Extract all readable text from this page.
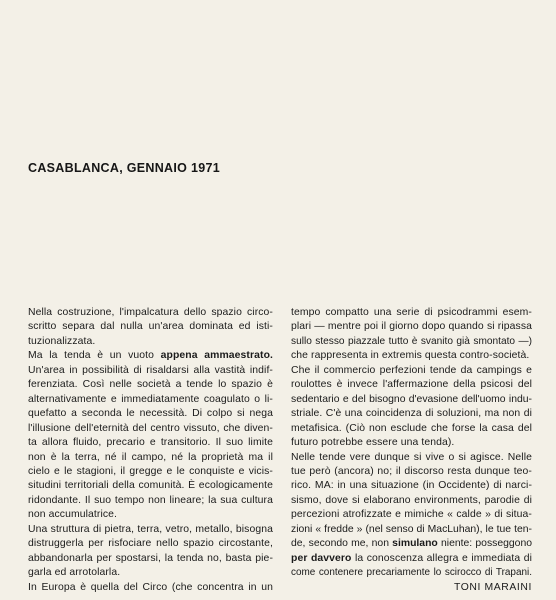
CASABLANCA, GENNAIO 1971
Nella costruzione, l'impalcatura dello spazio circo-
scritto separa dal nulla un'area dominata ed isti-
tuzionalizzata.
Ma la tenda è un vuoto appena ammaestrato.
Un'area in possibilità di risaldarsi alla vastità indif-
ferenziata. Così nelle società a tende lo spazio è
alternativamente e immediatamente coagulato o li-
quefatto a seconda le necessità. Di colpo si nega
l'illusione dell'eternità del centro vissuto, che diven-
ta allora fluido, precario e transitorio. Il suo limite
non è la terra, né il campo, né la proprietà ma il
cielo e le stagioni, il gregge e le conquiste e vicis-
situdini territoriali della comunità. È ecologicamente
ridondante. Il suo tempo non lineare; la sua cultura
non accumulatrice.
Una struttura di pietra, terra, vetro, metallo, bisogna
distruggerla per risfociare nello spazio circostante,
abbandonarla per spostarsi, la tenda no, basta pie-
garla ed arrotolarla.
In Europa è quella del Circo (che concentra in un
tempo compatto una serie di psicodrammi esem-
plari — mentre poi il giorno dopo quando si ripassa
sullo stesso piazzale tutto è svanito già smontato —)
che rappresenta in extremis questa contro-società.
Che il commercio perfezioni tende da campings e
roulottes è invece l'affermazione della psicosi del
sedentario e del bisogno d'evasione dell'uomo indu-
striale. C'è una coincidenza di soluzioni, ma non di
metafisica. (Ciò non esclude che forse la casa del
futuro potrebbe essere una tenda).
Nelle tende vere dunque si vive o si agisce. Nelle
tue però (ancora) no; il discorso resta dunque teo-
rico. MA: in una situazione (in Occidente) di narci-
sismo, dove si elaborano environments, parodie di
percezioni atrofizzate e mimiche « calde » di situa-
zioni « fredde » (nel senso di MacLuhan), le tue ten-
de, secondo me, non simulano niente: posseggono
per davvero la conoscenza allegra e immediata di
come contenere precariamente lo scirocco di Trapani.
TONI MARAINI
